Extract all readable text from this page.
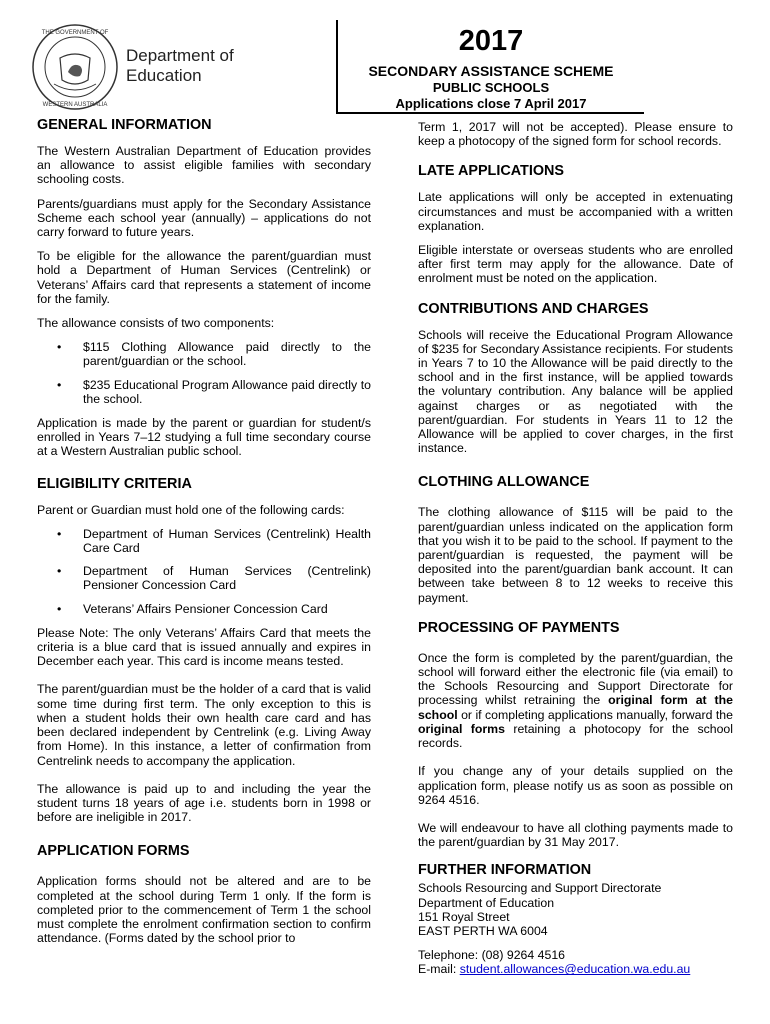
THE GOVERNMENT OF
WESTERN AUSTRALIA
Department of
Education
2017
SECONDARY ASSISTANCE SCHEME
PUBLIC SCHOOLS
Applications close 7 April 2017
GENERAL INFORMATION

The Western Australian Department of Education provides an allowance to assist eligible families with secondary schooling costs.

Parents/guardians must apply for the Secondary Assistance Scheme each school year (annually) – applications do not carry forward to future years.

To be eligible for the allowance the parent/guardian must hold a Department of Human Services (Centrelink) or Veterans’ Affairs card that represents a statement of income for the family.

The allowance consists of two components:

• $115 Clothing Allowance paid directly to the parent/guardian or the school.
• $235 Educational Program Allowance paid directly to the school.

Application is made by the parent or guardian for student/s enrolled in Years 7–12 studying a full time secondary course at a Western Australian public school.

ELIGIBILITY CRITERIA

Parent or Guardian must hold one of the following cards:

• Department of Human Services (Centrelink) Health Care Card
• Department of Human Services (Centrelink) Pensioner Concession Card
• Veterans’ Affairs Pensioner Concession Card

Please Note: The only Veterans’ Affairs Card that meets the criteria is a blue card that is issued annually and expires in December each year. This card is income means tested.

The parent/guardian must be the holder of a card that is valid some time during first term. The only exception to this is when a student holds their own health care card and has been declared independent by Centrelink (e.g. Living Away from Home). In this instance, a letter of confirmation from Centrelink needs to accompany the application.

The allowance is paid up to and including the year the student turns 18 years of age i.e. students born in 1998 or before are ineligible in 2017.

APPLICATION FORMS

Application forms should not be altered and are to be completed at the school during Term 1 only. If the form is completed prior to the commencement of Term 1 the school must complete the enrolment confirmation section to confirm attendance. (Forms dated by the school prior to

Term 1, 2017 will not be accepted). Please ensure to keep a photocopy of the signed form for school records.

LATE APPLICATIONS

Late applications will only be accepted in extenuating circumstances and must be accompanied with a written explanation.

Eligible interstate or overseas students who are enrolled after first term may apply for the allowance. Date of enrolment must be noted on the application.

CONTRIBUTIONS AND CHARGES

Schools will receive the Educational Program Allowance of $235 for Secondary Assistance recipients. For students in Years 7 to 10 the Allowance will be paid directly to the school and in the first instance, will be applied towards the voluntary contribution. Any balance will be applied against charges or as negotiated with the parent/guardian. For students in Years 11 to 12 the Allowance will be applied to cover charges, in the first instance.

CLOTHING ALLOWANCE

The clothing allowance of $115 will be paid to the parent/guardian unless indicated on the application form that you wish it to be paid to the school. If payment to the parent/guardian is requested, the payment will be deposited into the parent/guardian bank account. It can between take between 8 to 12 weeks to receive this payment.

PROCESSING OF PAYMENTS

Once the form is completed by the parent/guardian, the school will forward either the electronic file (via email) to the Schools Resourcing and Support Directorate for processing whilst retraining the original form at the school or if completing applications manually, forward the original forms retaining a photocopy for the school records.

If you change any of your details supplied on the application form, please notify us as soon as possible on 9264 4516.

We will endeavour to have all clothing payments made to the parent/guardian by 31 May 2017.

FURTHER INFORMATION

Schools Resourcing and Support Directorate

Department of Education

151 Royal Street

EAST PERTH WA 6004

Telephone: (08) 9264 4516

E-mail: student.allowances@education.wa.edu.au
